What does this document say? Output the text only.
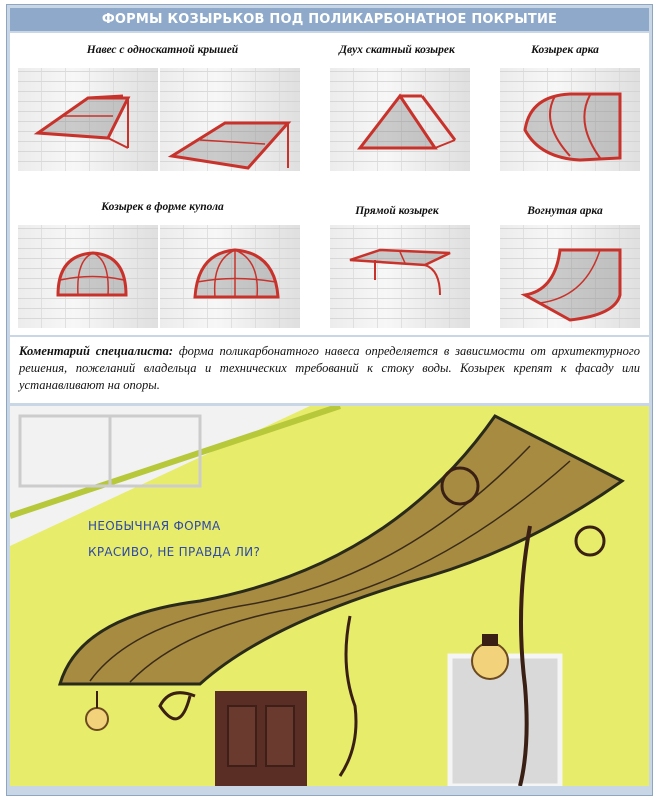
ФОРМЫ КОЗЫРЬКОВ ПОД ПОЛИКАРБОНАТНОЕ ПОКРЫТИЕ
Навес с односкатной крышей	Двух скатный козырек	Козырек арка
Козырек в форме купола	Прямой козырек	Вогнутая арка
Коментарий специалиста: форма поликарбонатного навеса определяется в зависимости от архитектурного решения, пожеланий владельца и технических требований к стоку воды. Козырек крепят к фасаду или устанавливают на опоры.
НЕОБЫЧНАЯ ФОРМА
КРАСИВО, НЕ ПРАВДА ЛИ?
